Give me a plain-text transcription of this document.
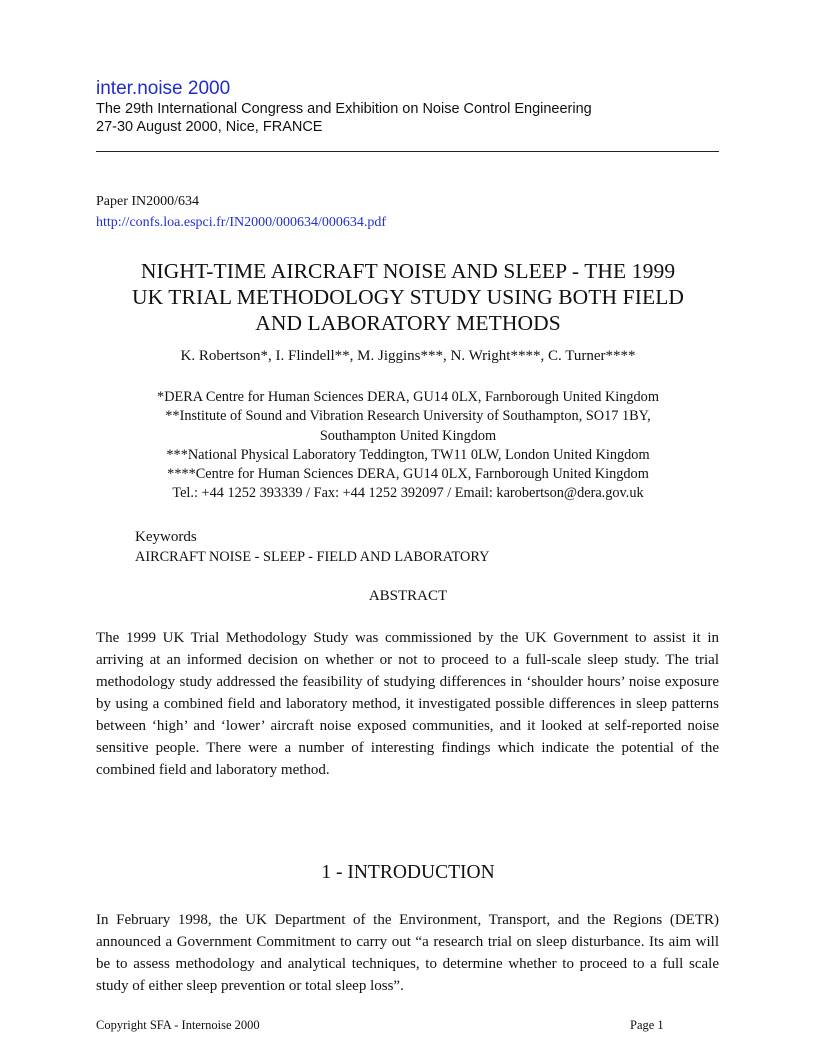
inter.noise 2000
The 29th International Congress and Exhibition on Noise Control Engineering
27-30 August 2000, Nice, FRANCE
Paper IN2000/634
http://confs.loa.espci.fr/IN2000/000634/000634.pdf
NIGHT-TIME AIRCRAFT NOISE AND SLEEP - THE 1999
UK TRIAL METHODOLOGY STUDY USING BOTH FIELD
AND LABORATORY METHODS
K. Robertson*, I. Flindell**, M. Jiggins***, N. Wright****, C. Turner****
*DERA Centre for Human Sciences DERA, GU14 0LX, Farnborough United Kingdom
**Institute of Sound and Vibration Research University of Southampton, SO17 1BY,
Southampton United Kingdom
***National Physical Laboratory Teddington, TW11 0LW, London United Kingdom
****Centre for Human Sciences DERA, GU14 0LX, Farnborough United Kingdom
Tel.: +44 1252 393339 / Fax: +44 1252 392097 / Email: karobertson@dera.gov.uk
Keywords
AIRCRAFT NOISE - SLEEP - FIELD AND LABORATORY
ABSTRACT
The 1999 UK Trial Methodology Study was commissioned by the UK Government to assist it in arriving at an informed decision on whether or not to proceed to a full-scale sleep study. The trial methodology study addressed the feasibility of studying differences in ‘shoulder hours’ noise exposure by using a combined field and laboratory method, it investigated possible differences in sleep patterns between ‘high’ and ‘lower’ aircraft noise exposed communities, and it looked at self-reported noise sensitive people. There were a number of interesting findings which indicate the potential of the combined field and laboratory method.
1 - INTRODUCTION
In February 1998, the UK Department of the Environment, Transport, and the Regions (DETR) announced a Government Commitment to carry out “a research trial on sleep disturbance. Its aim will be to assess methodology and analytical techniques, to determine whether to proceed to a full scale study of either sleep prevention or total sleep loss”.
Copyright SFA - Internoise 2000	Page 1
